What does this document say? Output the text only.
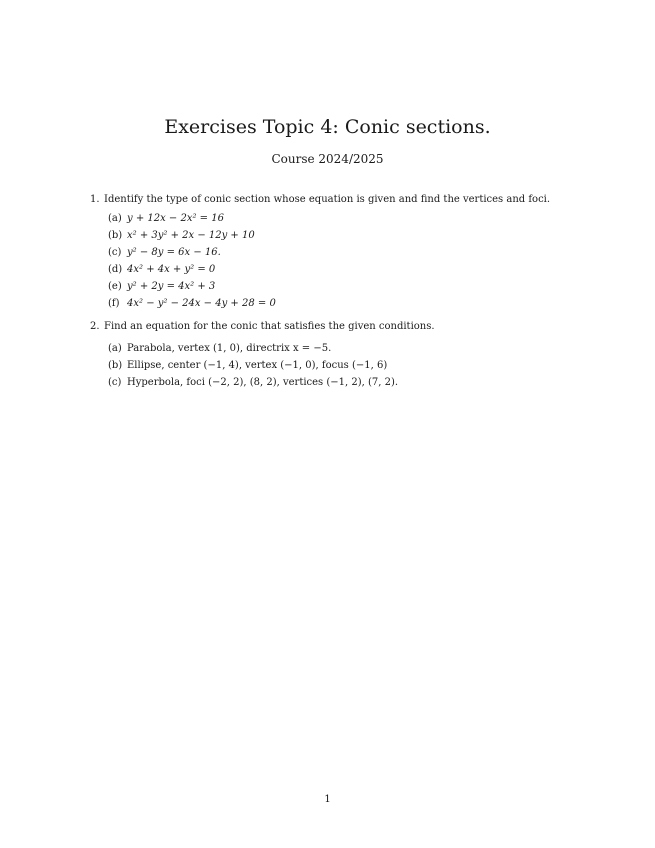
Exercises Topic 4: Conic sections.
Course 2024/2025
1. Identify the type of conic section whose equation is given and find the vertices and foci.
(a) y + 12x − 2x² = 16
(b) x² + 3y² + 2x − 12y + 10
(c) y² − 8y = 6x − 16.
(d) 4x² + 4x + y² = 0
(e) y² + 2y = 4x² + 3
(f) 4x² − y² − 24x − 4y + 28 = 0
2. Find an equation for the conic that satisfies the given conditions.
(a) Parabola, vertex (1, 0), directrix x = −5.
(b) Ellipse, center (−1, 4), vertex (−1, 0), focus (−1, 6)
(c) Hyperbola, foci (−2, 2), (8, 2), vertices (−1, 2), (7, 2).
1
